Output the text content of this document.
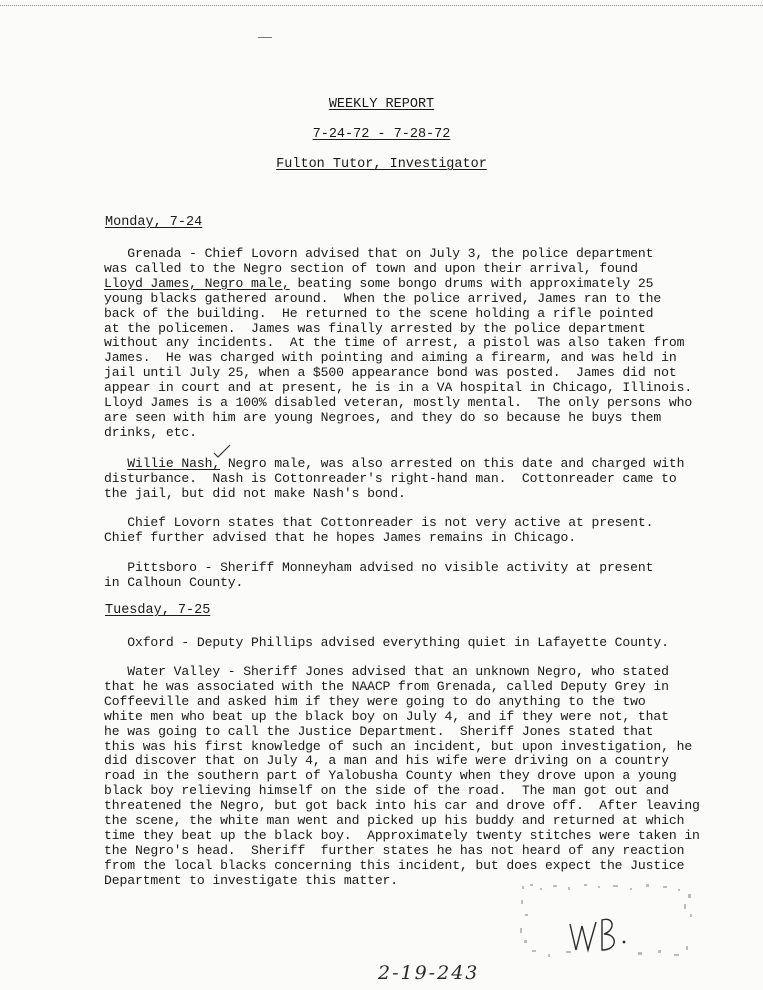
WEEKLY REPORT
7-24-72 - 7-28-72
Fulton Tutor, Investigator
Monday, 7-24
Grenada - Chief Lovorn advised that on July 3, the police department
was called to the Negro section of town and upon their arrival, found
Lloyd James, Negro male, beating some bongo drums with approximately 25
young blacks gathered around.  When the police arrived, James ran to the
back of the building.  He returned to the scene holding a rifle pointed
at the policemen.  James was finally arrested by the police department
without any incidents.  At the time of arrest, a pistol was also taken from
James.  He was charged with pointing and aiming a firearm, and was held in
jail until July 25, when a $500 appearance bond was posted.  James did not
appear in court and at present, he is in a VA hospital in Chicago, Illinois.
Lloyd James is a 100% disabled veteran, mostly mental.  The only persons who
are seen with him are young Negroes, and they do so because he buys them
drinks, etc.
Willie Nash, Negro male, was also arrested on this date and charged with
disturbance.  Nash is Cottonreader's right-hand man.  Cottonreader came to
the jail, but did not make Nash's bond.
Chief Lovorn states that Cottonreader is not very active at present.
Chief further advised that he hopes James remains in Chicago.
Pittsboro - Sheriff Monneyham advised no visible activity at present
in Calhoun County.
Tuesday, 7-25
Oxford - Deputy Phillips advised everything quiet in Lafayette County.
Water Valley - Sheriff Jones advised that an unknown Negro, who stated
that he was associated with the NAACP from Grenada, called Deputy Grey in
Coffeeville and asked him if they were going to do anything to the two
white men who beat up the black boy on July 4, and if they were not, that
he was going to call the Justice Department.  Sheriff Jones stated that
this was his first knowledge of such an incident, but upon investigation, he
did discover that on July 4, a man and his wife were driving on a country
road in the southern part of Yalobusha County when they drove upon a young
black boy relieving himself on the side of the road.  The man got out and
threatened the Negro, but got back into his car and drove off.  After leaving
the scene, the white man went and picked up his buddy and returned at which
time they beat up the black boy.  Approximately twenty stitches were taken in
the Negro's head.  Sheriff  further states he has not heard of any reaction
from the local blacks concerning this incident, but does expect the Justice
Department to investigate this matter.
2-19-243
